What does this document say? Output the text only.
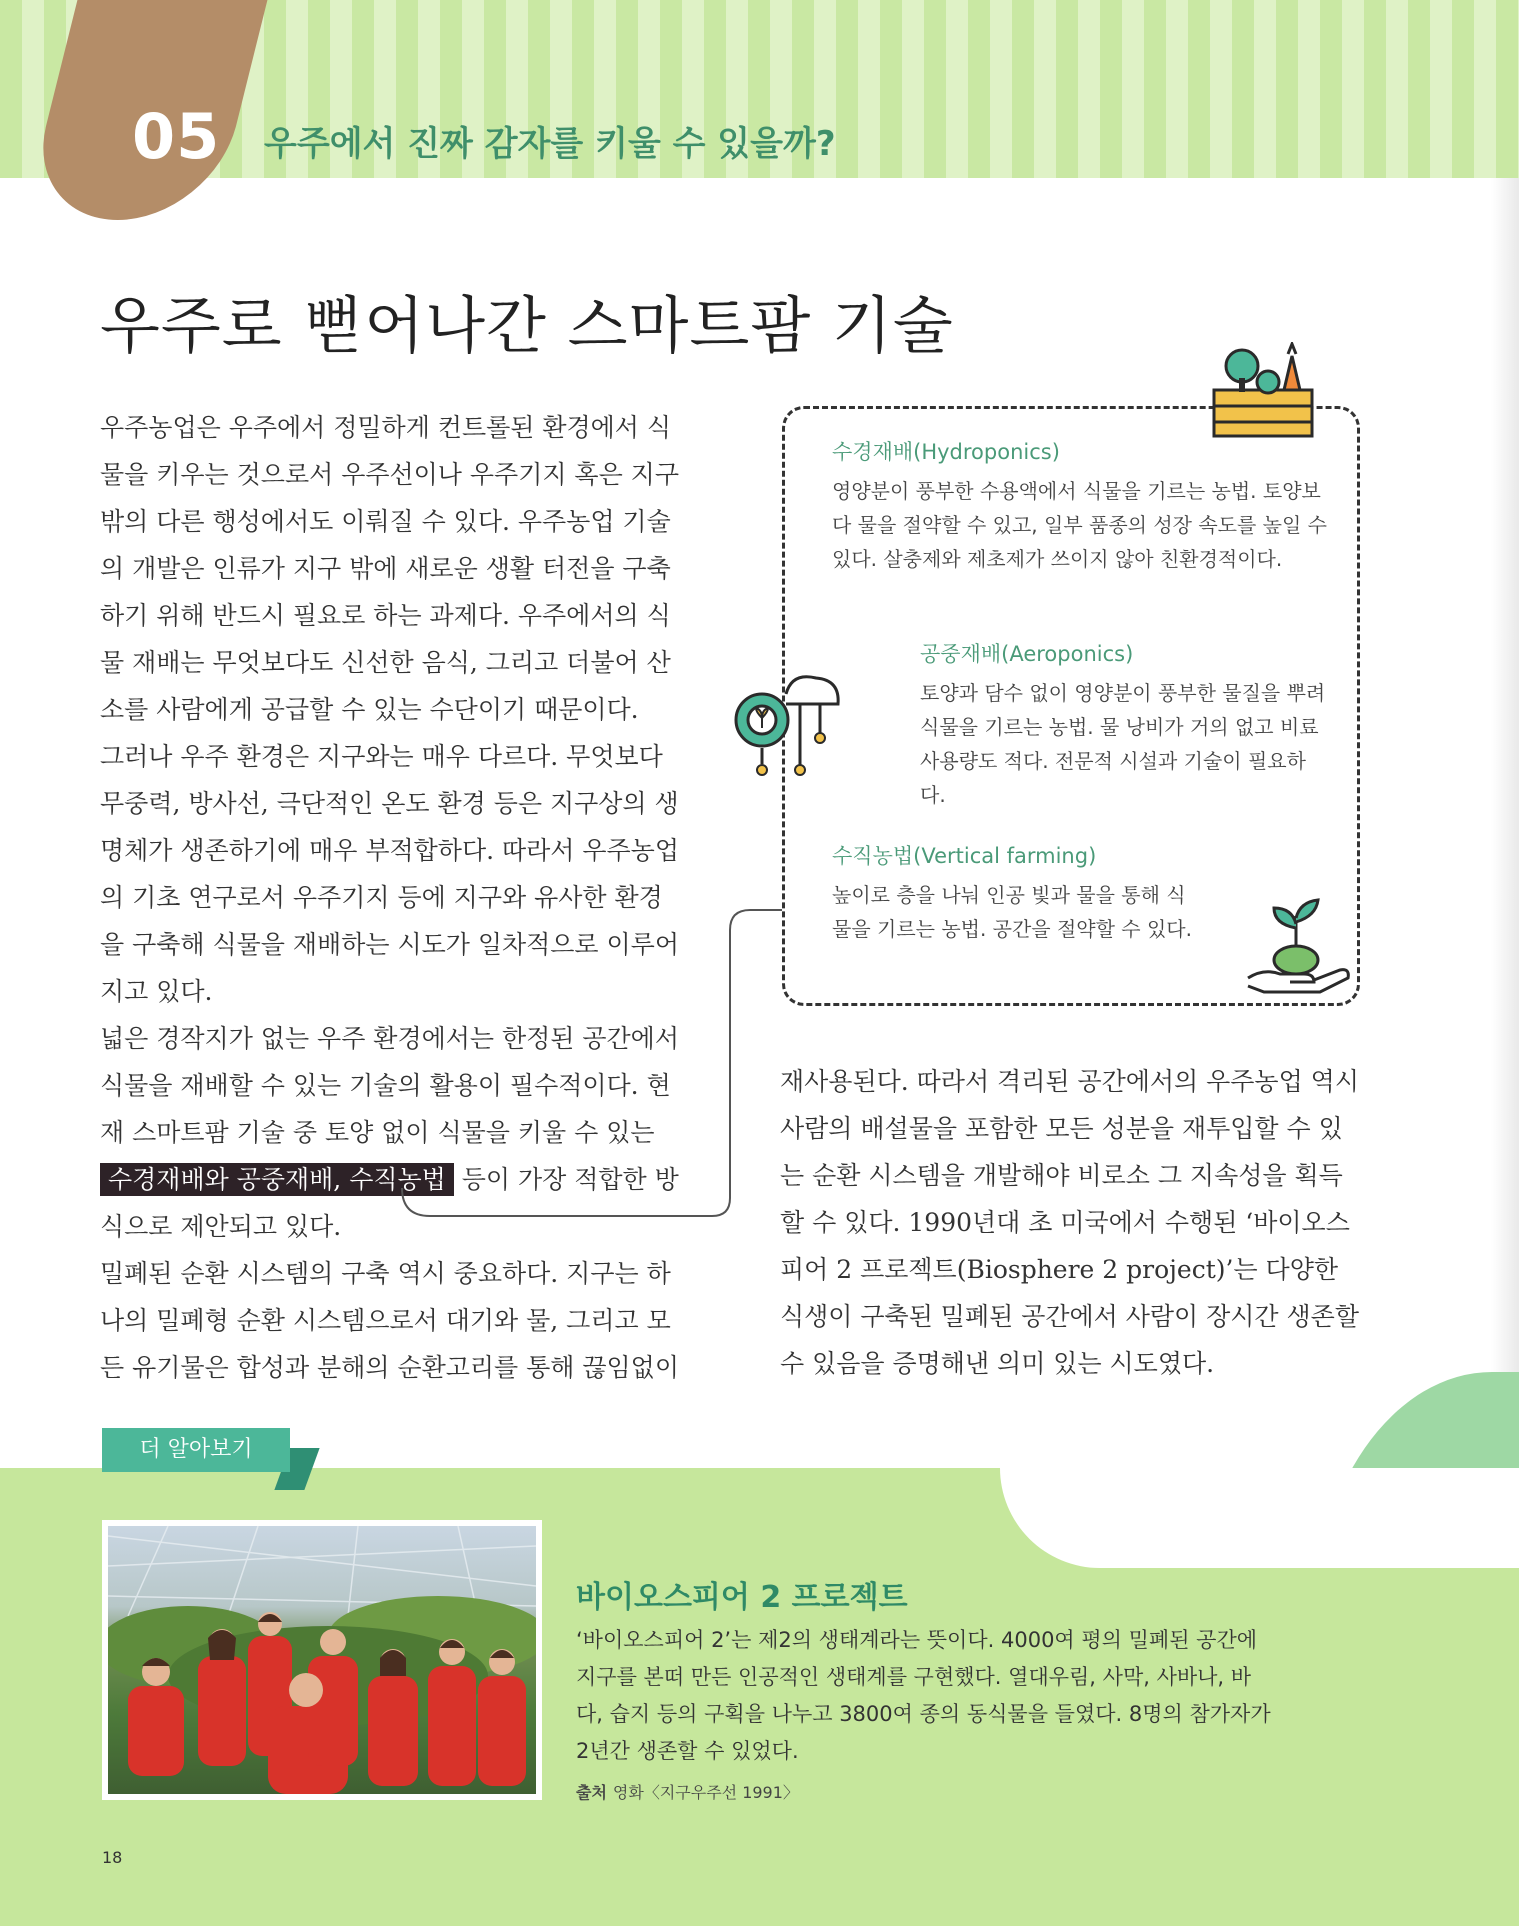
05 우주에서 진짜 감자를 키울 수 있을까?
우주로 뻗어나간 스마트팜 기술

우주농업은 우주에서 정밀하게 컨트롤된 환경에서 식물을 키우는 것으로서 우주선이나 우주기지 혹은 지구 밖의 다른 행성에서도 이뤄질 수 있다. 우주농업 기술의 개발은 인류가 지구 밖에 새로운 생활 터전을 구축하기 위해 반드시 필요로 하는 과제다. 우주에서의 식물 재배는 무엇보다도 신선한 음식, 그리고 더불어 산소를 사람에게 공급할 수 있는 수단이기 때문이다.

그러나 우주 환경은 지구와는 매우 다르다. 무엇보다 무중력, 방사선, 극단적인 온도 환경 등은 지구상의 생명체가 생존하기에 매우 부적합하다. 따라서 우주농업의 기초 연구로서 우주기지 등에 지구와 유사한 환경을 구축해 식물을 재배하는 시도가 일차적으로 이루어지고 있다.

넓은 경작지가 없는 우주 환경에서는 한정된 공간에서 식물을 재배할 수 있는 기술의 활용이 필수적이다. 현재 스마트팜 기술 중 토양 없이 식물을 키울 수 있는 수경재배와 공중재배, 수직농법 등이 가장 적합한 방식으로 제안되고 있다.

밀폐된 순환 시스템의 구축 역시 중요하다. 지구는 하나의 밀폐형 순환 시스템으로서 대기와 물, 그리고 모든 유기물은 합성과 분해의 순환고리를 통해 끊임없이

재사용된다. 따라서 격리된 공간에서의 우주농업 역시 사람의 배설물을 포함한 모든 성분을 재투입할 수 있는 순환 시스템을 개발해야 비로소 그 지속성을 획득할 수 있다. 1990년대 초 미국에서 수행된 ‘바이오스피어 2 프로젝트(Biosphere 2 project)’는 다양한 식생이 구축된 밀폐된 공간에서 사람이 장시간 생존할 수 있음을 증명해낸 의미 있는 시도였다.

수경재배(Hydroponics)

영양분이 풍부한 수용액에서 식물을 기르는 농법. 토양보다 물을 절약할 수 있고, 일부 품종의 성장 속도를 높일 수 있다. 살충제와 제초제가 쓰이지 않아 친환경적이다.

공중재배(Aeroponics)

토양과 담수 없이 영양분이 풍부한 물질을 뿌려 식물을 기르는 농법. 물 낭비가 거의 없고 비료 사용량도 적다. 전문적 시설과 기술이 필요하다.

수직농법(Vertical farming)

높이로 층을 나눠 인공 빛과 물을 통해 식물을 기르는 농법. 공간을 절약할 수 있다.

더 알아보기
바이오스피어 2 프로젝트

‘바이오스피어 2’는 제2의 생태계라는 뜻이다. 4000여 평의 밀폐된 공간에 지구를 본떠 만든 인공적인 생태계를 구현했다. 열대우림, 사막, 사바나, 바다, 습지 등의 구획을 나누고 3800여 종의 동식물을 들였다. 8명의 참가자가 2년간 생존할 수 있었다.

출처 영화〈지구우주선 1991〉
18
